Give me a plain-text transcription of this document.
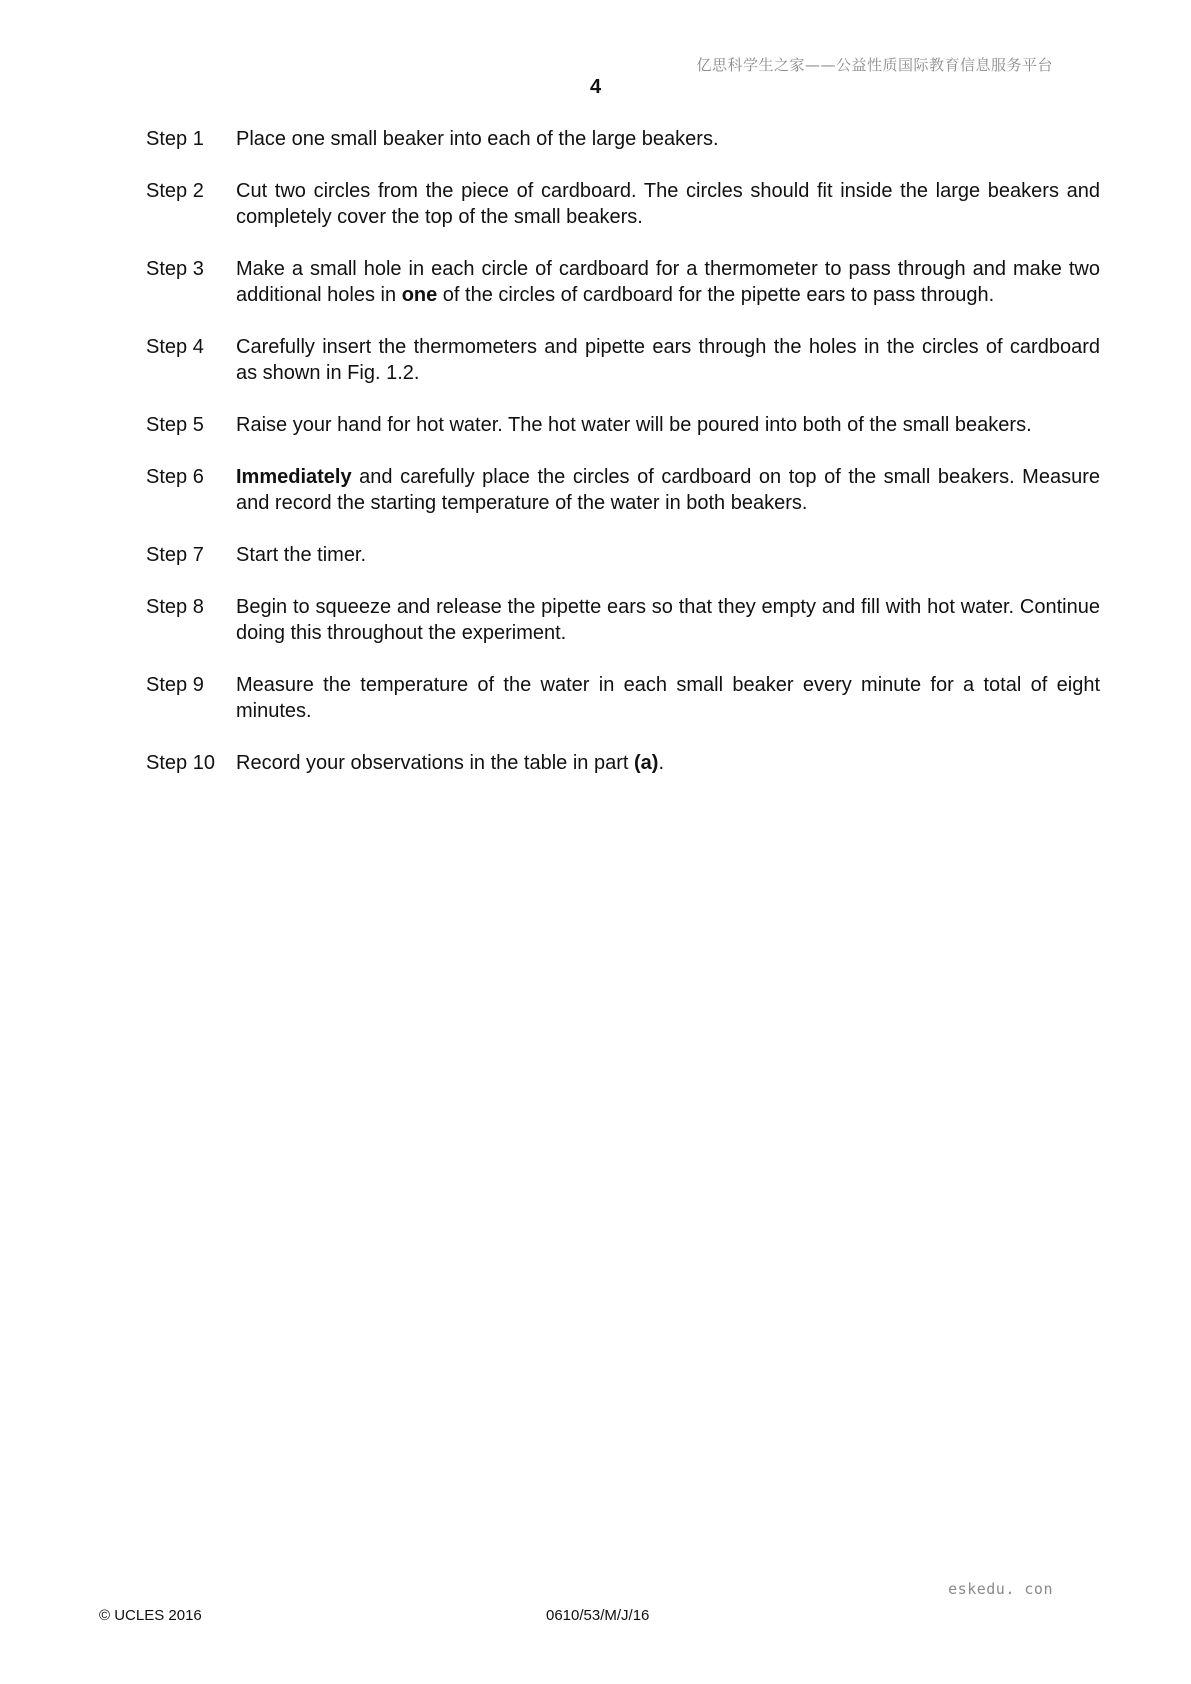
亿思科学生之家——公益性质国际教育信息服务平台
4
Step 1	Place one small beaker into each of the large beakers.
Step 2	Cut two circles from the piece of cardboard. The circles should fit inside the large beakers and completely cover the top of the small beakers.
Step 3	Make a small hole in each circle of cardboard for a thermometer to pass through and make two additional holes in one of the circles of cardboard for the pipette ears to pass through.
Step 4	Carefully insert the thermometers and pipette ears through the holes in the circles of cardboard as shown in Fig. 1.2.
Step 5	Raise your hand for hot water. The hot water will be poured into both of the small beakers.
Step 6	Immediately and carefully place the circles of cardboard on top of the small beakers. Measure and record the starting temperature of the water in both beakers.
Step 7	Start the timer.
Step 8	Begin to squeeze and release the pipette ears so that they empty and fill with hot water. Continue doing this throughout the experiment.
Step 9	Measure the temperature of the water in each small beaker every minute for a total of eight minutes.
Step 10	Record your observations in the table in part (a).
eskedu. con
© UCLES 2016	0610/53/M/J/16
